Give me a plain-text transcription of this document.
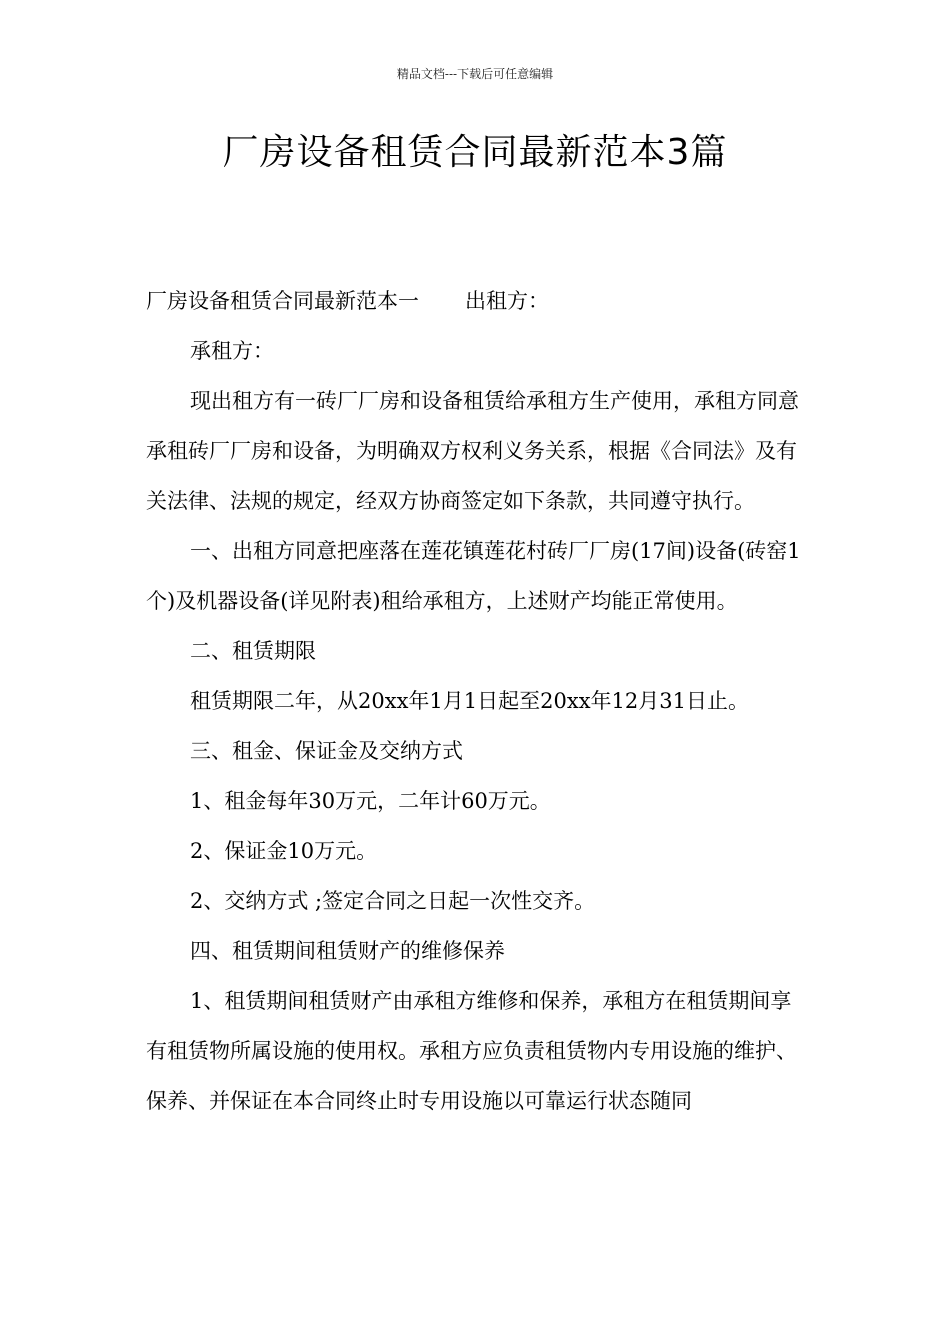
精品文档---下载后可任意编辑
厂房设备租赁合同最新范本3篇

厂房设备租赁合同最新范本一 出租方：

承租方：

现出租方有一砖厂厂房和设备租赁给承租方生产使用，承租方同意承租砖厂厂房和设备，为明确双方权利义务关系，根据《合同法》及有关法律、法规的规定，经双方协商签定如下条款，共同遵守执行。

一、出租方同意把座落在莲花镇莲花村砖厂厂房(17间)设备(砖窑1个)及机器设备(详见附表)租给承租方，上述财产均能正常使用。

二、租赁期限

租赁期限二年，从20xx年1月1日起至20xx年12月31日止。

三、租金、保证金及交纳方式

1、租金每年30万元，二年计60万元。

2、保证金10万元。

2、交纳方式 ;签定合同之日起一次性交齐。

四、租赁期间租赁财产的维修保养

1、租赁期间租赁财产由承租方维修和保养，承租方在租赁期间享有租赁物所属设施的使用权。承租方应负责租赁物内专用设施的维护、保养、并保证在本合同终止时专用设施以可靠运行状态随同
